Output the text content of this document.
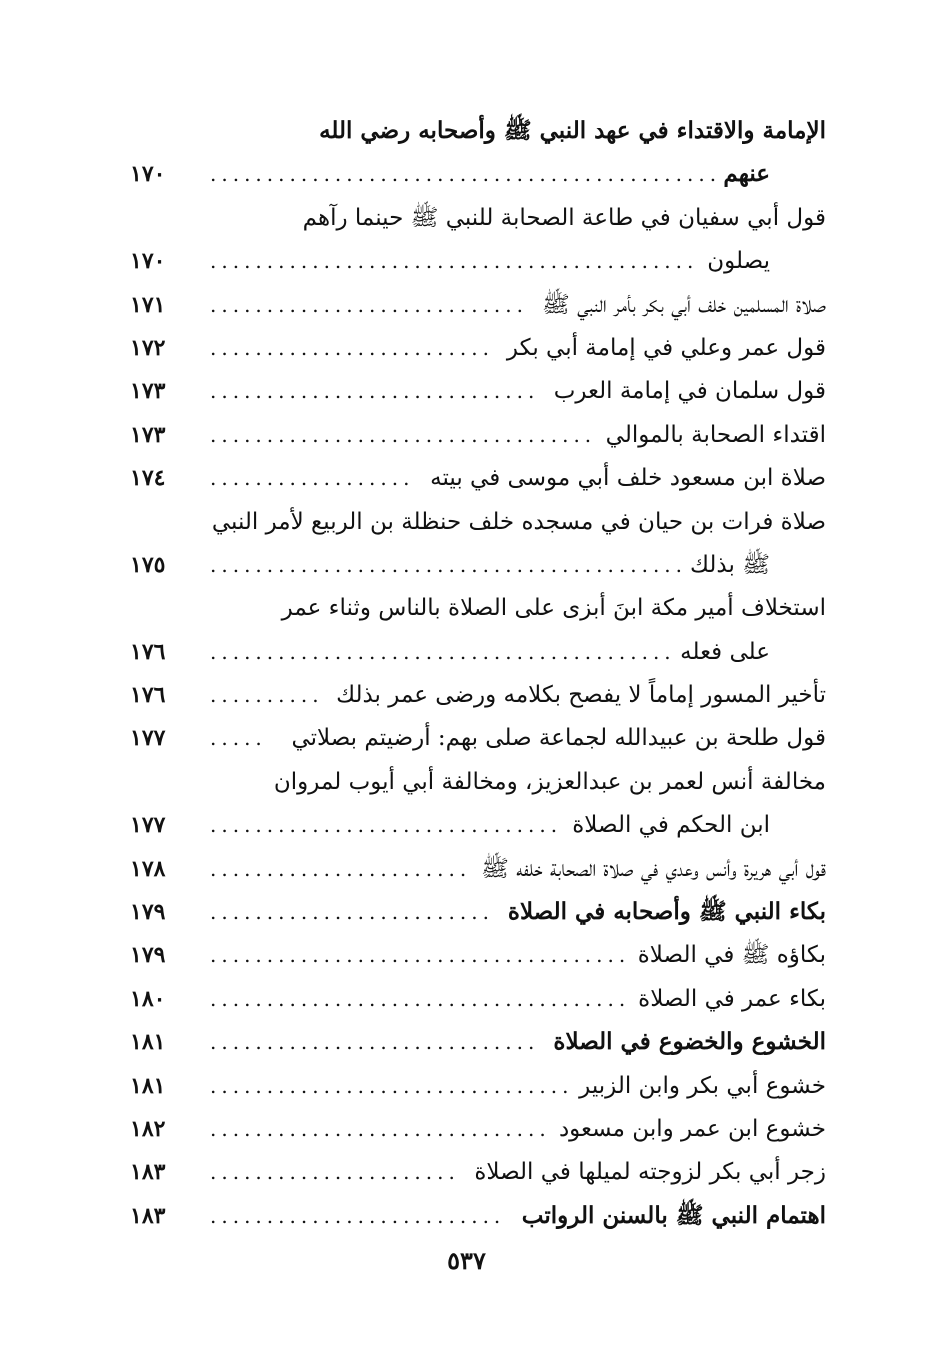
الإمامة والاقتداء في عهد النبي ﷺ وأصحابه رضي الله
عنهم
.............................................
١٧٠
قول أبي سفيان في طاعة الصحابة للنبي ﷺ حينما رآهم
يصلون
...........................................
١٧٠
صلاة المسلمين خلف أبي بكر بأمر النبي ﷺ
............................
١٧١
قول عمر وعلي في إمامة أبي بكر
.........................
١٧٢
قول سلمان في إمامة العرب
.............................
١٧٣
اقتداء الصحابة بالموالي
..................................
١٧٣
صلاة ابن مسعود خلف أبي موسى في بيته
..................
١٧٤
صلاة فرات بن حيان في مسجده خلف حنظلة بن الربيع لأمر النبي
ﷺ بذلك
..........................................
١٧٥
استخلاف أمير مكة ابنَ أبزى على الصلاة بالناس وثناء عمر
على فعله
.........................................
١٧٦
تأخير المسور إماماً لا يفصح بكلامه ورضى عمر بذلك
..........
١٧٦
قول طلحة بن عبيدالله لجماعة صلى بهم: أرضيتم بصلاتي
.....
١٧٧
مخالفة أنس لعمر بن عبدالعزيز، ومخالفة أبي أيوب لمروان
ابن الحكم في الصلاة
...............................
١٧٧
قول أبي هريرة وأنس وعدي في صلاة الصحابة خلفه ﷺ
.......................
١٧٨
بكاء النبي ﷺ وأصحابه في الصلاة
.........................
١٧٩
بكاؤه ﷺ في الصلاة
.....................................
١٧٩
بكاء عمر في الصلاة
.....................................
١٨٠
الخشوع والخضوع في الصلاة
.............................
١٨١
خشوع أبي بكر وابن الزبير
................................
١٨١
خشوع ابن عمر وابن مسعود
..............................
١٨٢
زجر أبي بكر لزوجته لميلها في الصلاة
......................
١٨٣
اهتمام النبي ﷺ بالسنن الرواتب
..........................
١٨٣
٥٣٧
